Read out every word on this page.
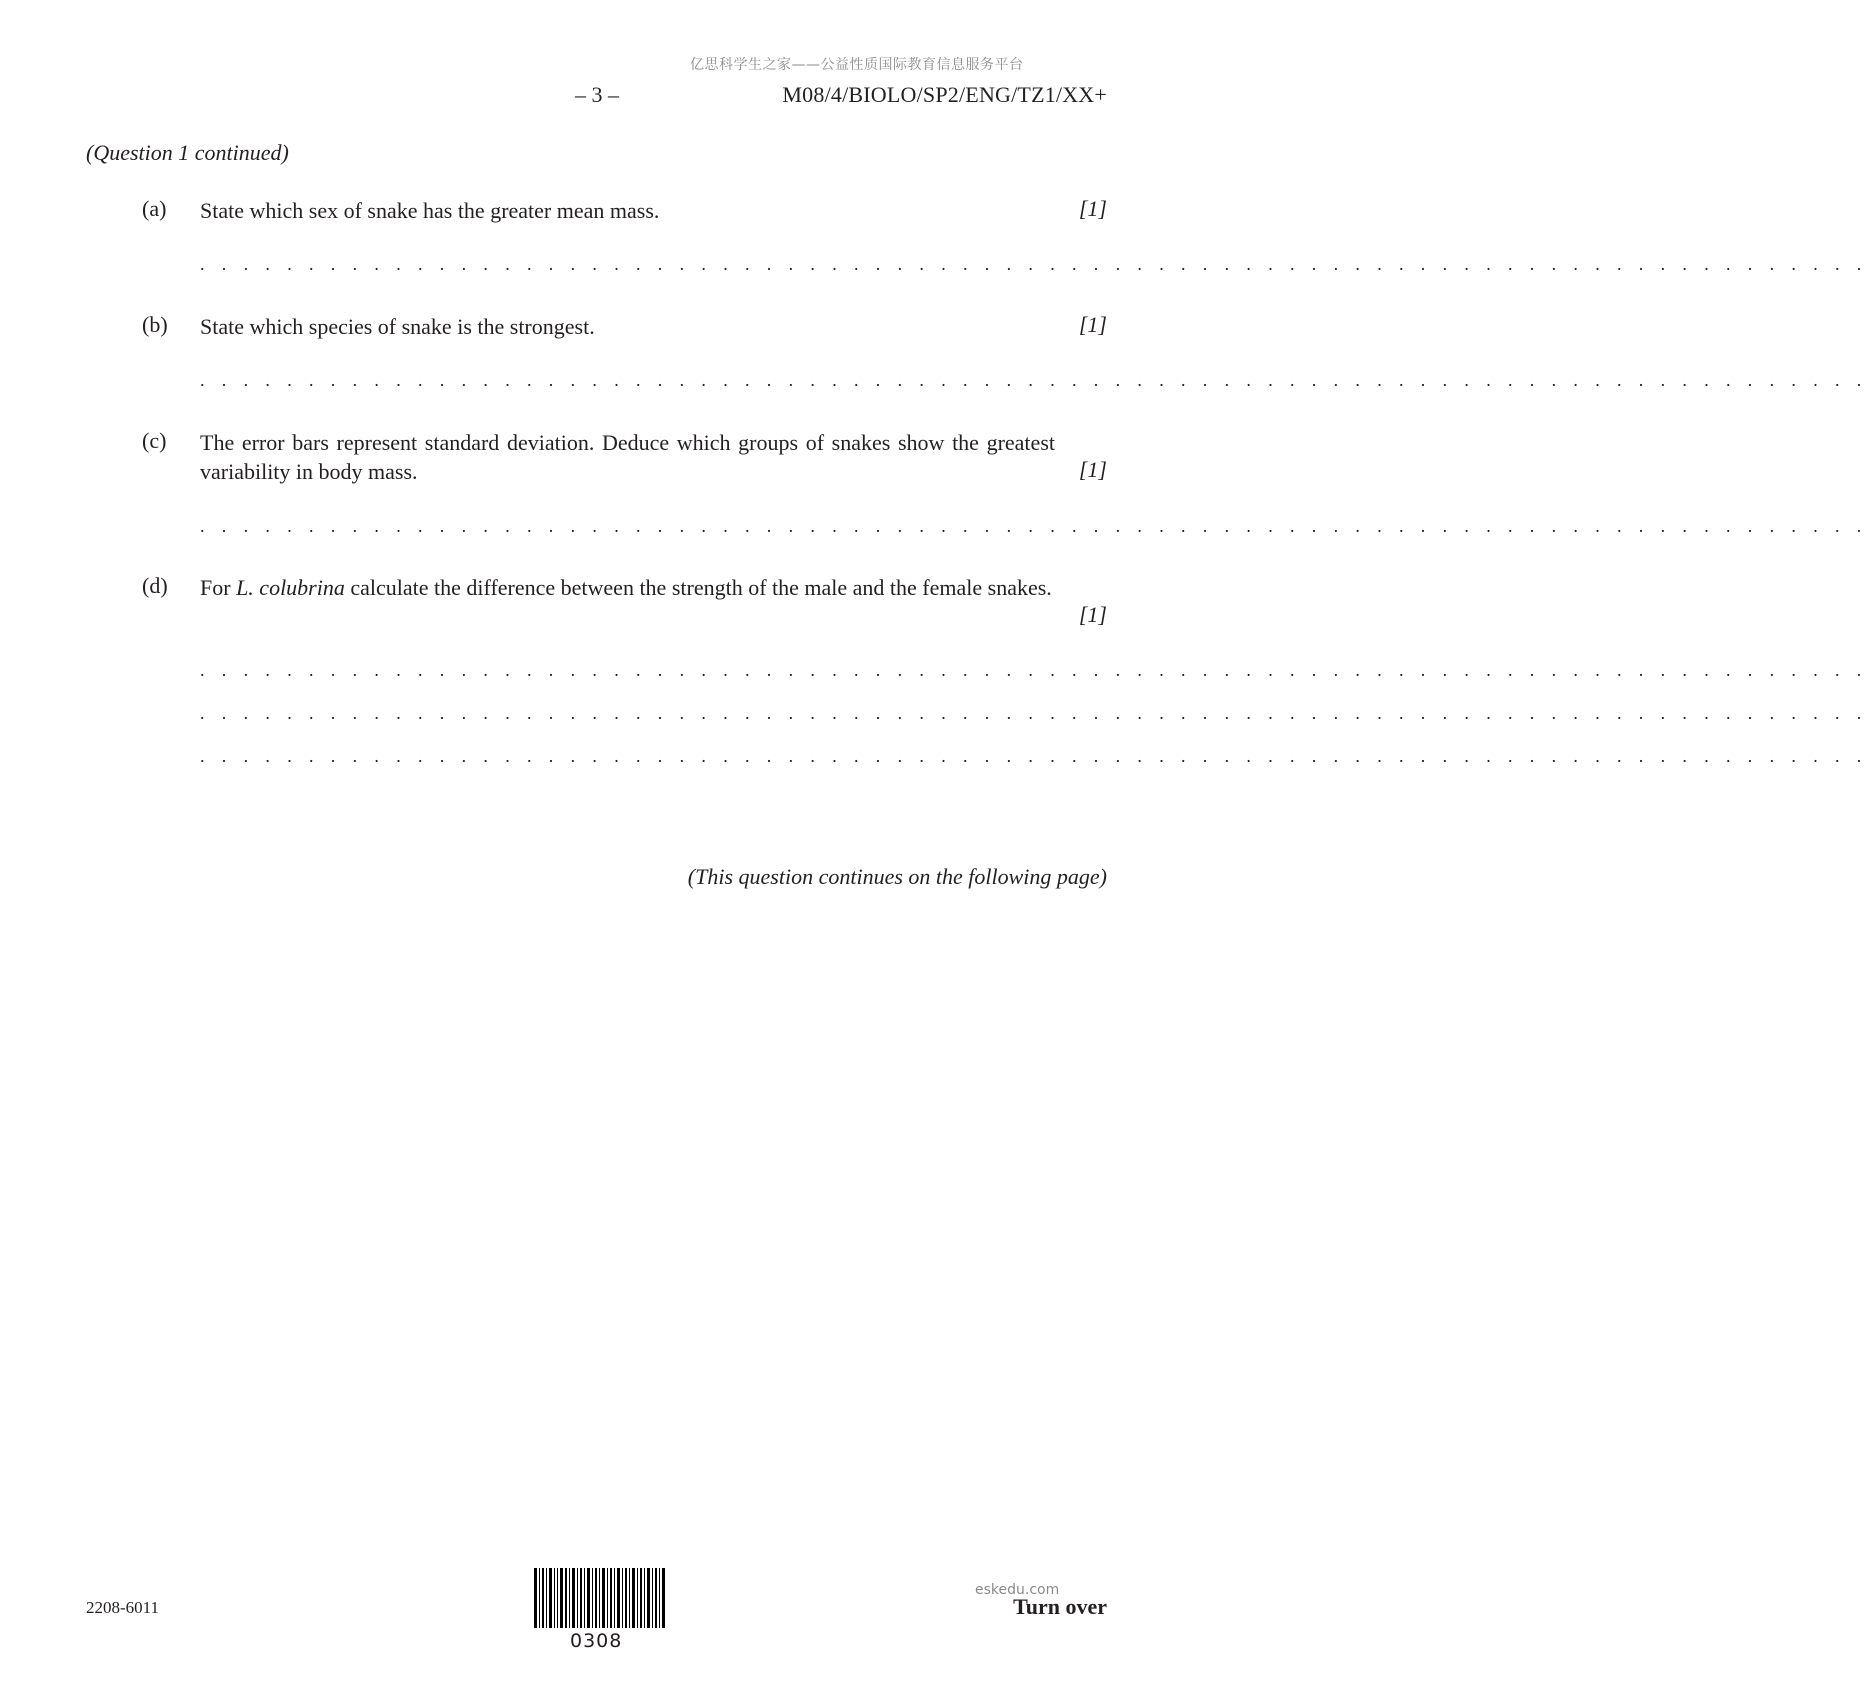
亿思科学生之家——公益性质国际教育信息服务平台
– 3 –	M08/4/BIOLO/SP2/ENG/TZ1/XX+
(Question 1 continued)
(a) State which sex of snake has the greater mean mass.	[1]
. . . . . . . . . . . . . . . . . . . . . . . . . . . . . . . . . . . . . . . . . . . . . . . . . . . . . . . . . . . . . . . . . . . . . . . . . . . . .
(b) State which species of snake is the strongest.	[1]
. . . . . . . . . . . . . . . . . . . . . . . . . . . . . . . . . . . . . . . . . . . . . . . . . . . . . . . . . . . . . . . . . . . . . . . . . . . . .
(c) The error bars represent standard deviation. Deduce which groups of snakes show the greatest variability in body mass.	[1]
. . . . . . . . . . . . . . . . . . . . . . . . . . . . . . . . . . . . . . . . . . . . . . . . . . . . . . . . . . . . . . . . . . . . . . . . . . . . .
(d) For L. colubrina calculate the difference between the strength of the male and the female snakes.
[1]
. . . . . . . . . . . . . . . . . . . . . . . . . . . . . . . . . . . . . . . . . . . . . . . . . . . . . . . . . . . . . . . . . . . . . . . . . . . . .
. . . . . . . . . . . . . . . . . . . . . . . . . . . . . . . . . . . . . . . . . . . . . . . . . . . . . . . . . . . . . . . . . . . . . . . . . . . . .
. . . . . . . . . . . . . . . . . . . . . . . . . . . . . . . . . . . . . . . . . . . . . . . . . . . . . . . . . . . . . . . . . . . . . . . . . . . . .
(This question continues on the following page)
2208-6011
0308
eskedu.com
Turn over
